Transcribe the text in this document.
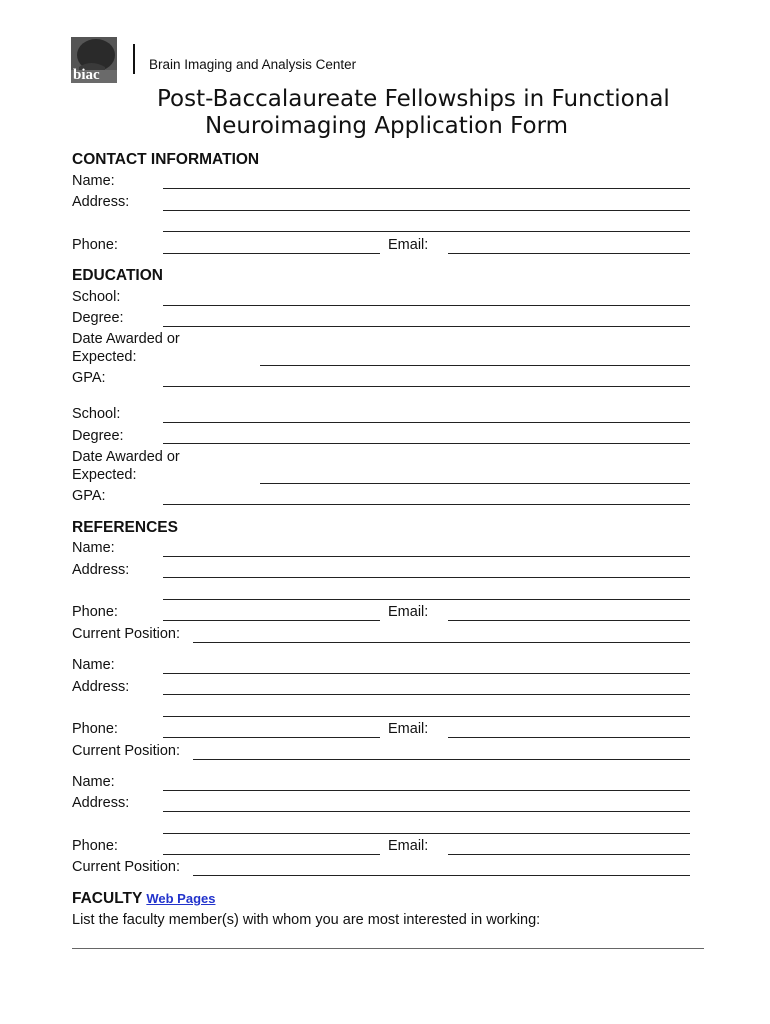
biac
Brain Imaging and Analysis Center
Post-Baccalaureate Fellowships in Functional
Neuroimaging Application Form
CONTACT INFORMATION
Name:
Address:
Phone:	Email:
EDUCATION
School:
Degree:
Date Awarded or
Expected:
GPA:
School:
Degree:
Date Awarded or
Expected:
GPA:
REFERENCES
Name:
Address:
Phone:	Email:
Current Position:
Name:
Address:
Phone:	Email:
Current Position:
Name:
Address:
Phone:	Email:
Current Position:
FACULTY Web Pages
List the faculty member(s) with whom you are most interested in working:
